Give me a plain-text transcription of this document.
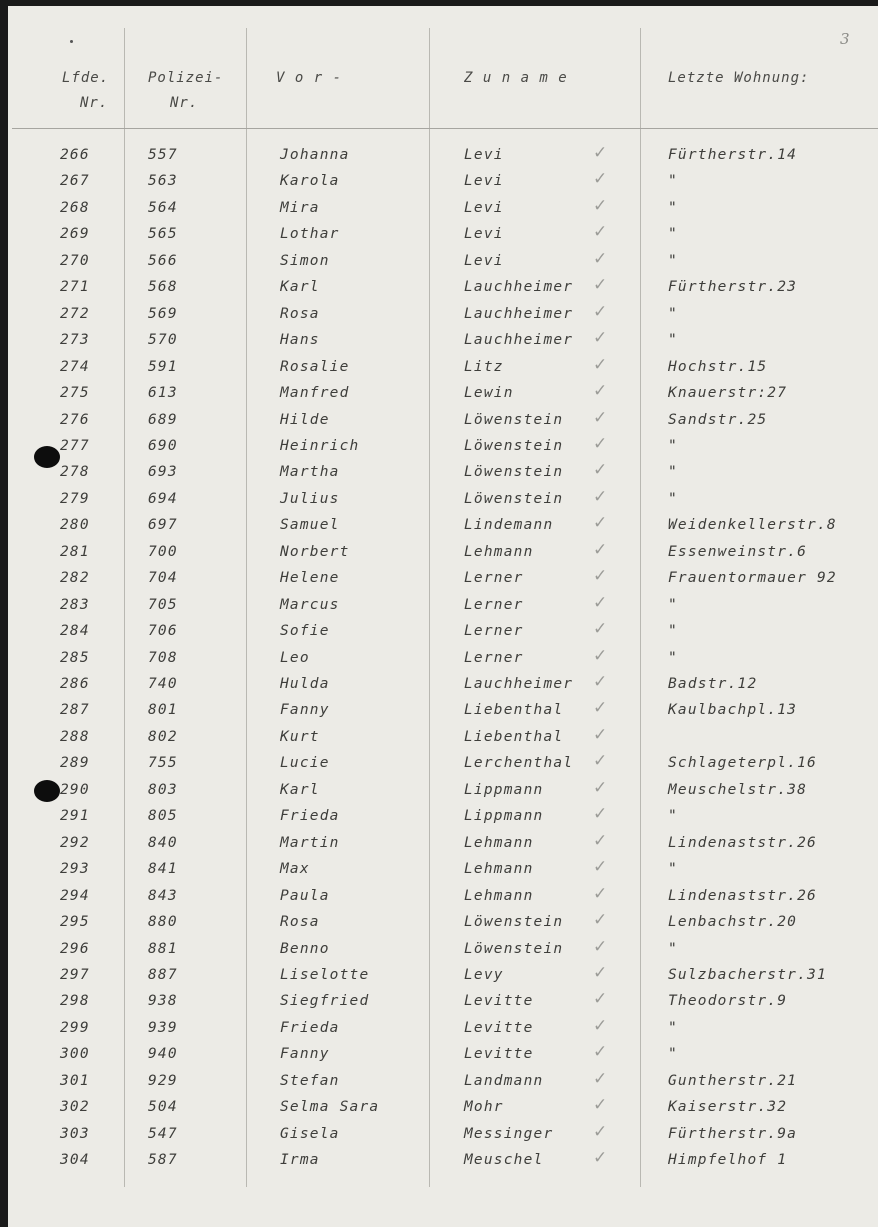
3
Lfde.
Nr.
Polizei-
Nr.
V o r -	Z u n a m e	Letzte Wohnung:
266	557	Johanna	Levi	Fürtherstr.14
✓
267	563	Karola	Levi	"
✓
268	564	Mira	Levi	"
✓
269	565	Lothar	Levi	"
✓
270	566	Simon	Levi	"
✓
271	568	Karl	Lauchheimer	Fürtherstr.23
✓
272	569	Rosa	Lauchheimer	"
✓
273	570	Hans	Lauchheimer	"
✓
274	591	Rosalie	Litz	Hochstr.15
✓
275	613	Manfred	Lewin	Knauerstr:27
✓
276	689	Hilde	Löwenstein	Sandstr.25
✓
277	690	Heinrich	Löwenstein	"
✓
278	693	Martha	Löwenstein	"
✓
279	694	Julius	Löwenstein	"
✓
280	697	Samuel	Lindemann	Weidenkellerstr.8
✓
281	700	Norbert	Lehmann	Essenweinstr.6
✓
282	704	Helene	Lerner	Frauentormauer 92
✓
283	705	Marcus	Lerner	"
✓
284	706	Sofie	Lerner	"
✓
285	708	Leo	Lerner	"
✓
286	740	Hulda	Lauchheimer	Badstr.12
✓
287	801	Fanny	Liebenthal	Kaulbachpl.13
✓
288	802	Kurt	Liebenthal ✓
289	755	Lucie	Lerchenthal	Schlageterpl.16
✓
290	803	Karl	Lippmann	Meuschelstr.38
✓
291	805	Frieda	Lippmann	"
✓
292	840	Martin	Lehmann	Lindenaststr.26
✓
293	841	Max	Lehmann	"
✓
294	843	Paula	Lehmann	Lindenaststr.26
✓
295	880	Rosa	Löwenstein	Lenbachstr.20
✓
296	881	Benno	Löwenstein	"
✓
297	887	Liselotte	Levy	Sulzbacherstr.31
✓
298	938	Siegfried	Levitte	Theodorstr.9
✓
299	939	Frieda	Levitte	"
✓
300	940	Fanny	Levitte	"
✓
301	929	Stefan	Landmann	Guntherstr.21
✓
302	504	Selma Sara	Mohr	Kaiserstr.32
✓
303	547	Gisela	Messinger	Fürtherstr.9a
✓
304	587	Irma	Meuschel	Himpfelhof 1
✓
